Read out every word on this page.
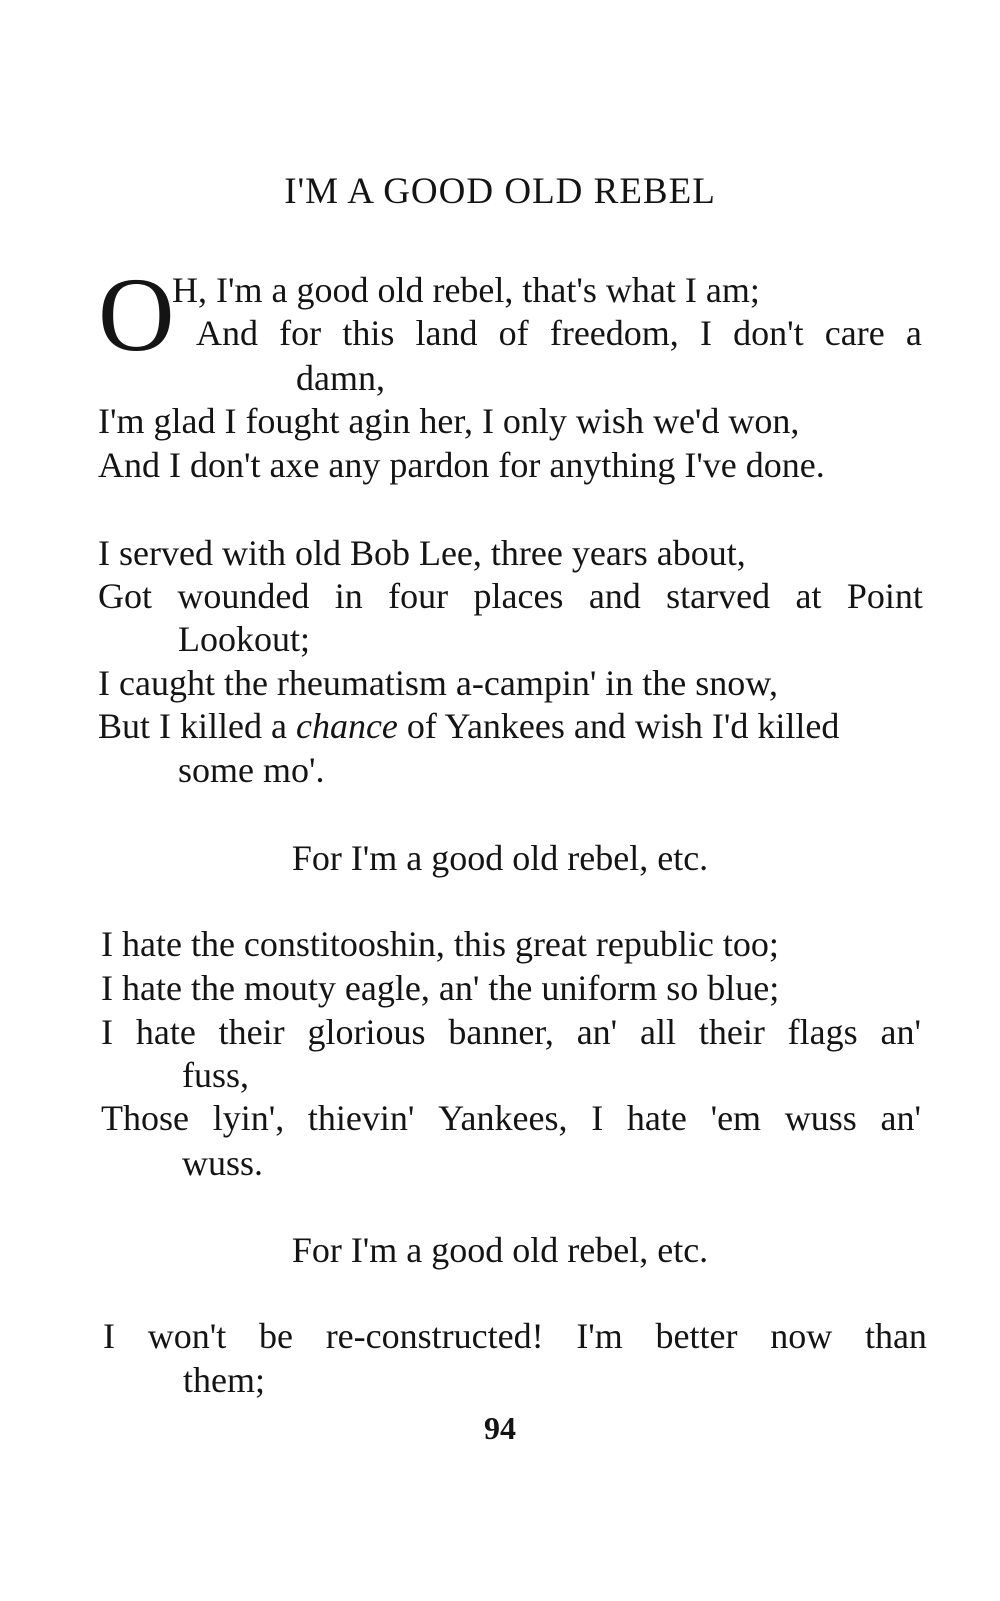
I'M A GOOD OLD REBEL
O
H, I'm a good old rebel, that's what I am;
And for this land of freedom, I don't care a
damn,
I'm glad I fought agin her, I only wish we'd won,
And I don't axe any pardon for anything I've done.
I served with old Bob Lee, three years about,
Got wounded in four places and starved at Point
Lookout;
I caught the rheumatism a-campin' in the snow,
But I killed a chance of Yankees and wish I'd killed
some mo'.
For I'm a good old rebel, etc.
I hate the constitooshin, this great republic too;
I hate the mouty eagle, an' the uniform so blue;
I hate their glorious banner, an' all their flags an'
fuss,
Those lyin', thievin' Yankees, I hate 'em wuss an'
wuss.
For I'm a good old rebel, etc.
I won't be re-constructed! I'm better now than
them;
94
